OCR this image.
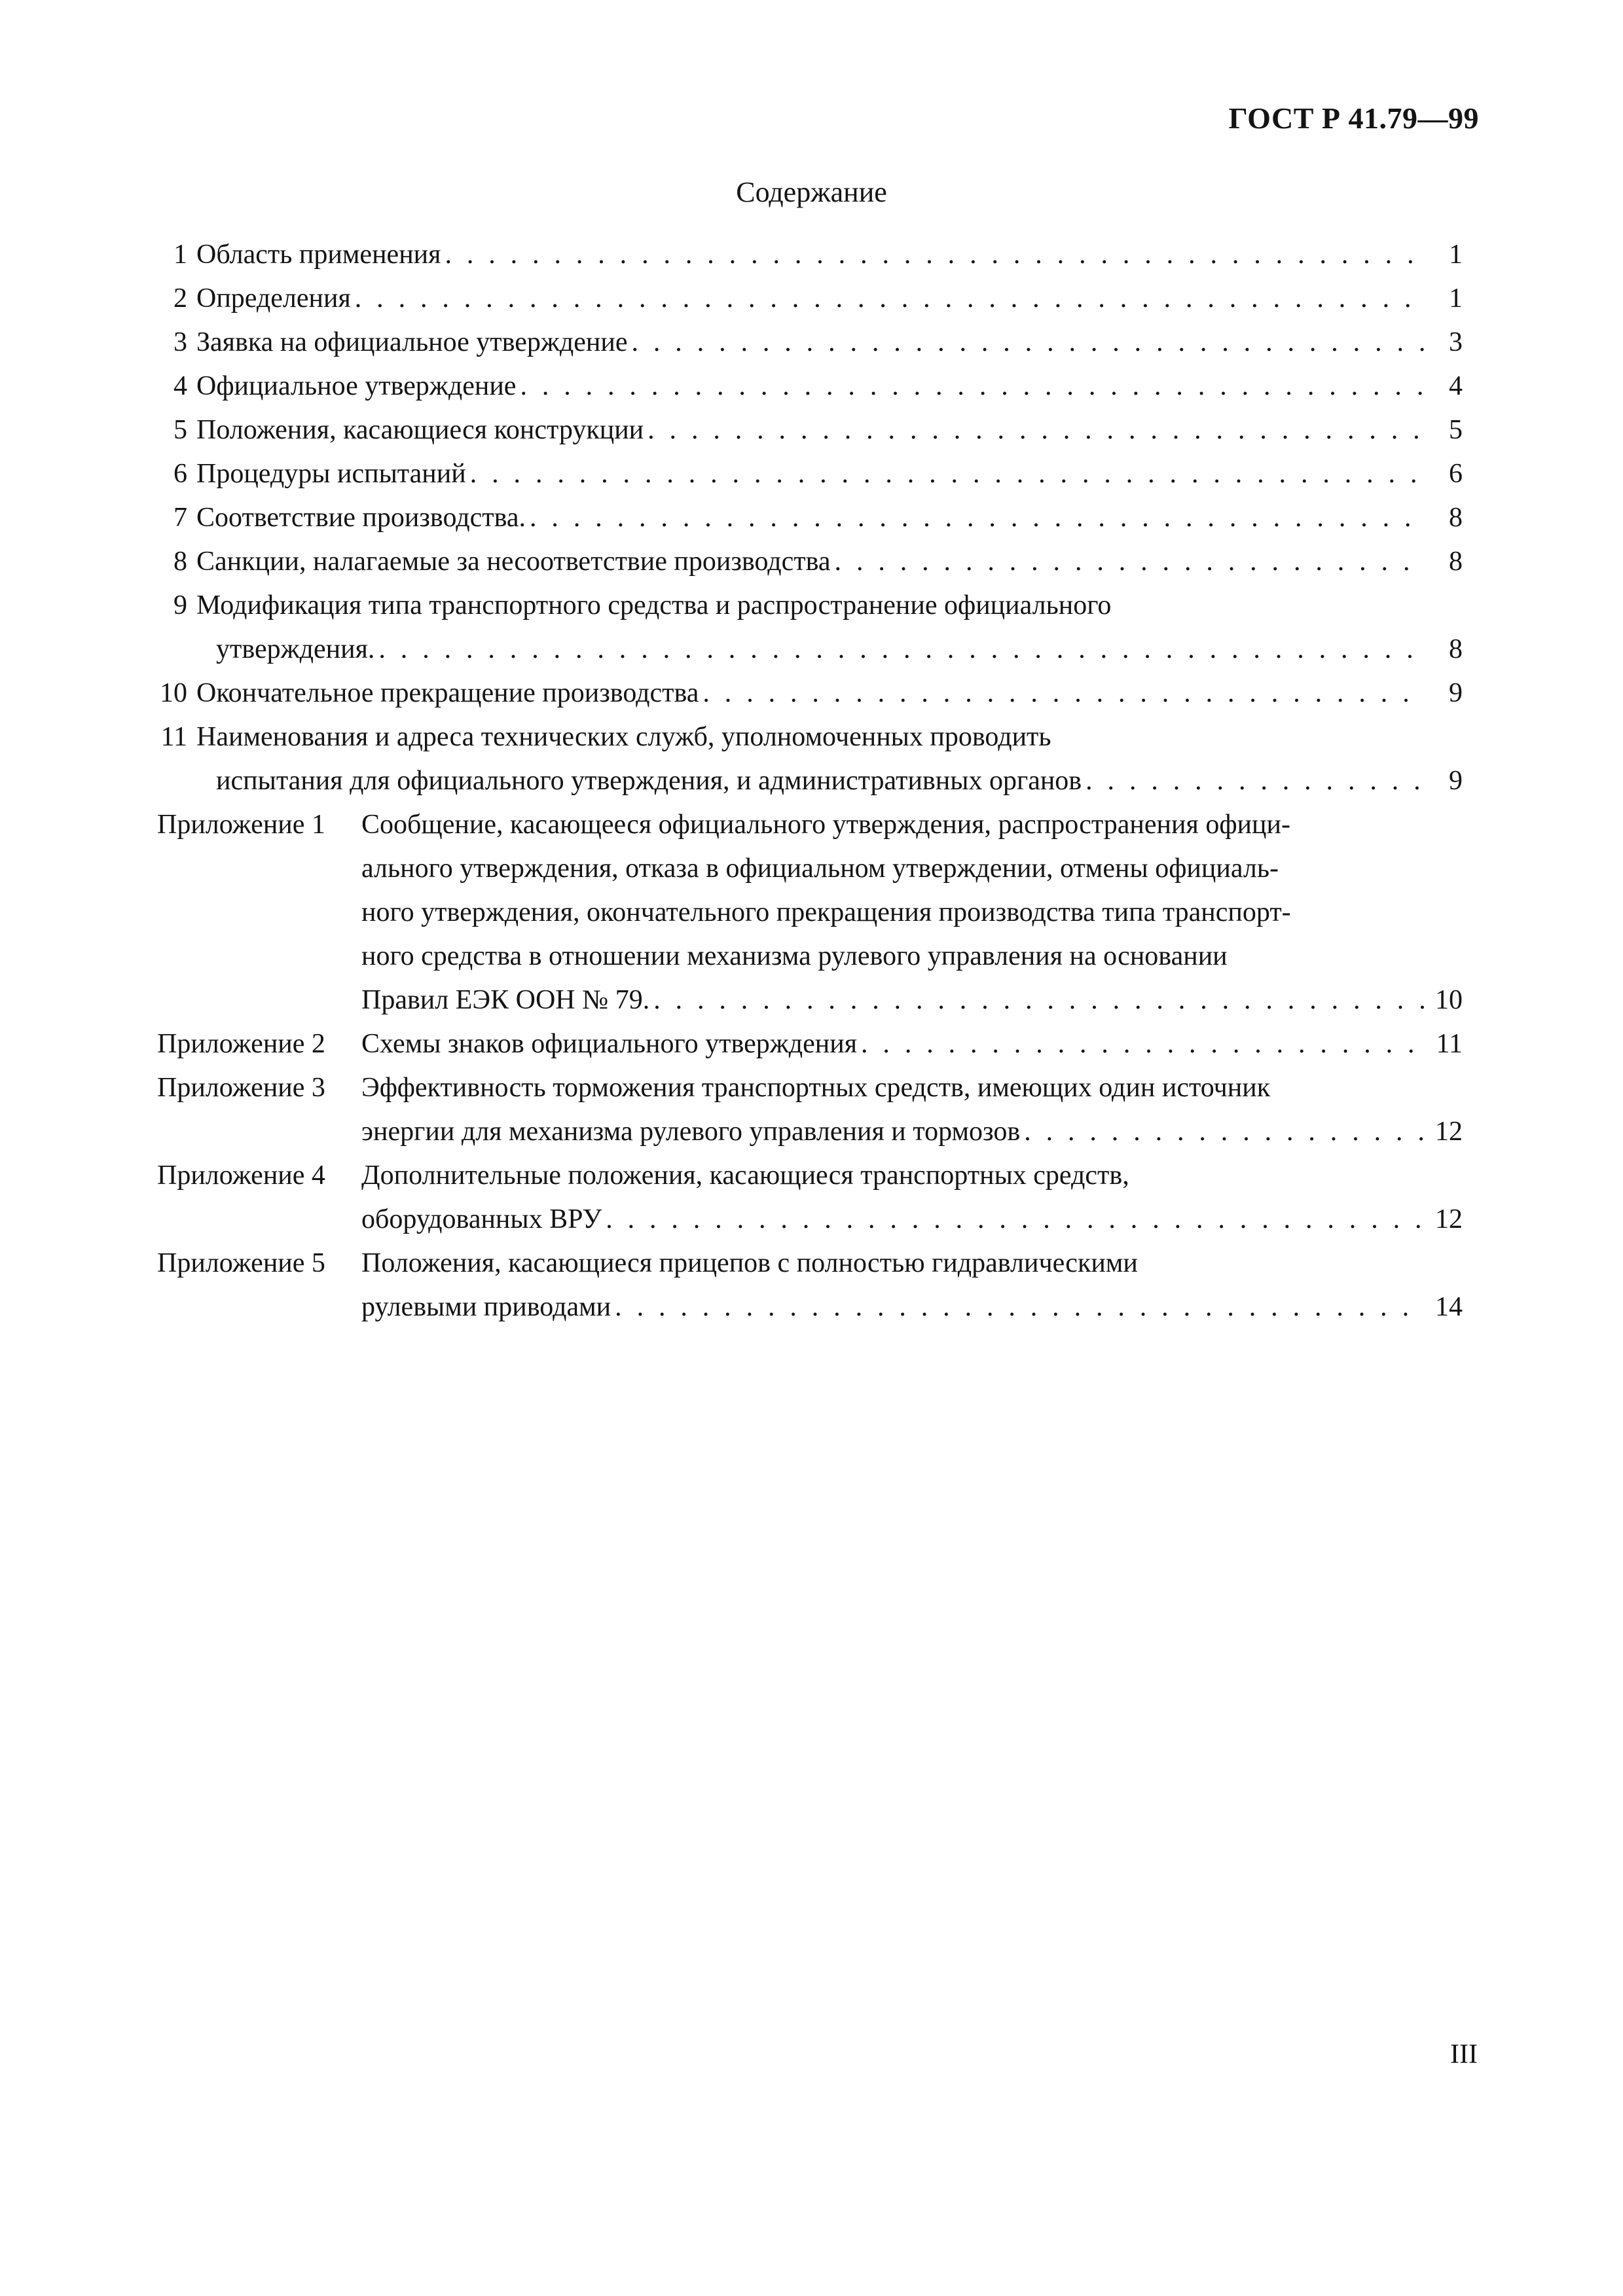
ГОСТ Р 41.79—99
Содержание
1 Область применения . . .	1
2 Определения . . .	1
3 Заявка на официальное утверждение . . .	3
4 Официальное утверждение . . .	4
5 Положения, касающиеся конструкции . . .	5
6 Процедуры испытаний . . .	6
7 Соответствие производства. . . .	8
8 Санкции, налагаемые за несоответствие производства . . .	8
9 Модификация типа транспортного средства и распространение официального
утверждения. . . .	8
10 Окончательное прекращение производства . . .	9
11 Наименования и адреса технических служб, уполномоченных проводить
испытания для официального утверждения, и административных органов . . .	9
Приложение 1 Сообщение, касающееся официального утверждения, распространения офици-
ального утверждения, отказа в официальном утверждении, отмены официаль-
ного утверждения, окончательного прекращения производства типа транспорт-
ного средства в отношении механизма рулевого управления на основании
Правил ЕЭК ООН № 79. . . .	10
Приложение 2 Схемы знаков официального утверждения . . .	11
Приложение 3 Эффективность торможения транспортных средств, имеющих один источник
энергии для механизма рулевого управления и тормозов . . .	12
Приложение 4 Дополнительные положения, касающиеся транспортных средств,
оборудованных ВРУ . . .	12
Приложение 5 Положения, касающиеся прицепов с полностью гидравлическими
рулевыми приводами . . .	14
III
